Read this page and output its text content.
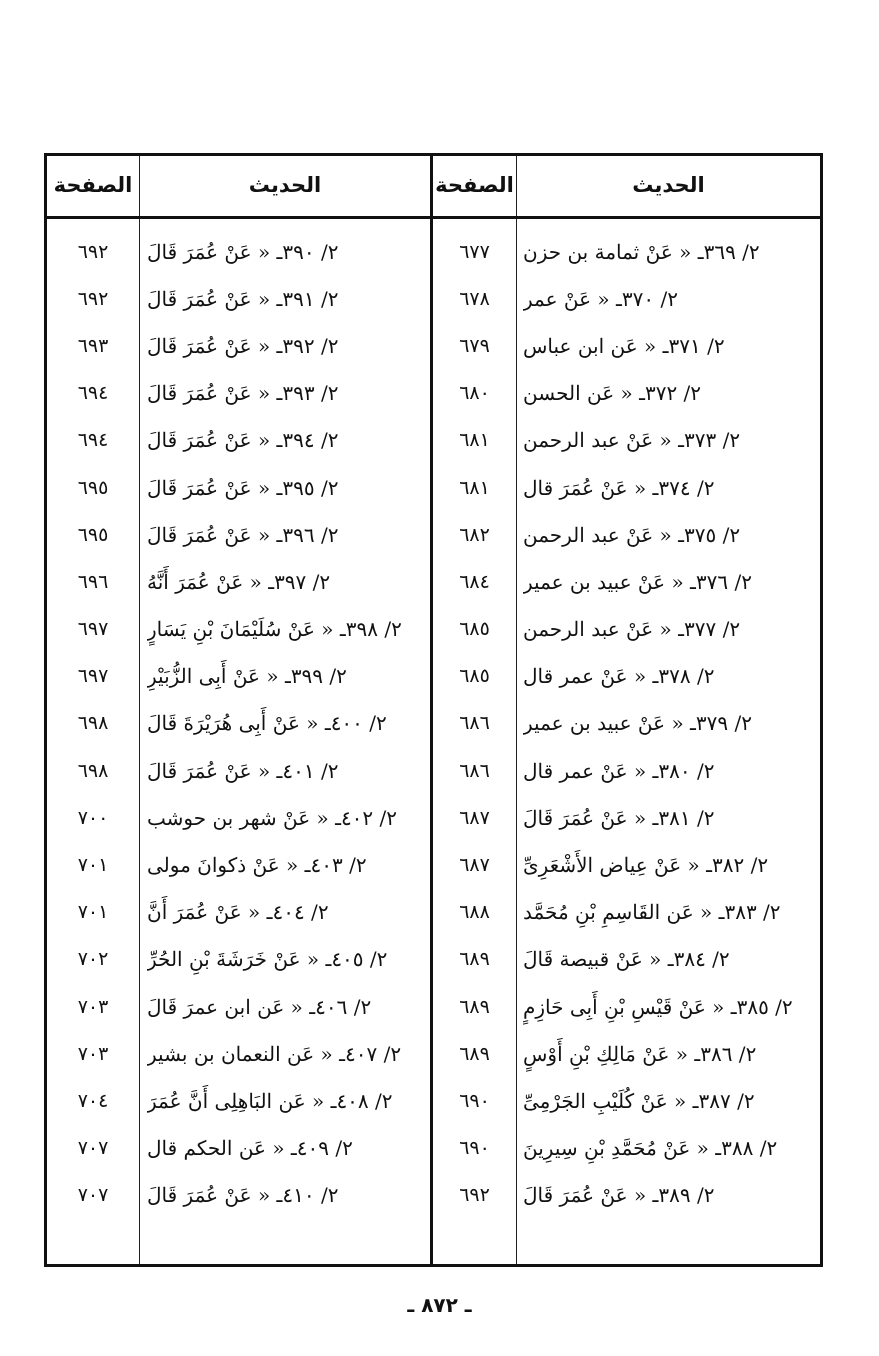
الصفحة	الحديث	الصفحة	الحديث
٦٩٢	٢/ ٣٩٠ـ « عَنْ عُمَرَ قَالَ	٦٧٧	٢/ ٣٦٩ـ « عَنْ ثمامة بن حزن
٦٩٢	٢/ ٣٩١ـ « عَنْ عُمَرَ قَالَ	٦٧٨	٢/ ٣٧٠ـ « عَنْ عمر
٦٩٣	٢/ ٣٩٢ـ « عَنْ عُمَرَ قَالَ	٦٧٩	٢/ ٣٧١ـ « عَن ابن عباس
٦٩٤	٢/ ٣٩٣ـ « عَنْ عُمَرَ قَالَ	٦٨٠	٢/ ٣٧٢ـ « عَن الحسن
٦٩٤	٢/ ٣٩٤ـ « عَنْ عُمَرَ قَالَ	٦٨١	٢/ ٣٧٣ـ « عَنْ عبد الرحمن
٦٩٥	٢/ ٣٩٥ـ « عَنْ عُمَرَ قَالَ	٦٨١	٢/ ٣٧٤ـ « عَنْ عُمَرَ قال
٦٩٥	٢/ ٣٩٦ـ « عَنْ عُمَرَ قَالَ	٦٨٢	٢/ ٣٧٥ـ « عَنْ عبد الرحمن
٦٩٦	٢/ ٣٩٧ـ « عَنْ عُمَرَ أَنَّهُ	٦٨٤	٢/ ٣٧٦ـ « عَنْ عبيد بن عمير
٦٩٧	٢/ ٣٩٨ـ « عَنْ سُلَيْمَانَ بْنِ يَسَارٍ	٦٨٥	٢/ ٣٧٧ـ « عَنْ عبد الرحمن
٦٩٧	٢/ ٣٩٩ـ « عَنْ أَبِى الزُّبَيْرِ	٦٨٥	٢/ ٣٧٨ـ « عَنْ عمر قال
٦٩٨	٢/ ٤٠٠ـ « عَنْ أَبِى هُرَيْرَةَ قَالَ	٦٨٦	٢/ ٣٧٩ـ « عَنْ عبيد بن عمير
٦٩٨	٢/ ٤٠١ـ « عَنْ عُمَرَ قَالَ	٦٨٦	٢/ ٣٨٠ـ « عَنْ عمر قال
٧٠٠	٢/ ٤٠٢ـ « عَنْ شهر بن حوشب	٦٨٧	٢/ ٣٨١ـ « عَنْ عُمَرَ قَالَ
٧٠١	٢/ ٤٠٣ـ « عَنْ ذكوانَ مولى	٦٨٧	٢/ ٣٨٢ـ « عَنْ عِياض الأَشْعَرِىِّ
٧٠١	٢/ ٤٠٤ـ « عَنْ عُمَرَ أَنَّ	٦٨٨	٢/ ٣٨٣ـ « عَن القَاسِمِ بْنِ مُحَمَّد
٧٠٢	٢/ ٤٠٥ـ « عَنْ خَرَشَةَ بْنِ الحُرِّ	٦٨٩	٢/ ٣٨٤ـ « عَنْ قبيصة قَالَ
٧٠٣	٢/ ٤٠٦ـ « عَن ابن عمرَ قَالَ	٦٨٩	٢/ ٣٨٥ـ « عَنْ قَيْسِ بْنِ أَبِى حَازِمٍ
٧٠٣	٢/ ٤٠٧ـ « عَن النعمان بن بشير	٦٨٩	٢/ ٣٨٦ـ « عَنْ مَالِكِ بْنِ أَوْسٍ
٧٠٤	٢/ ٤٠٨ـ « عَن البَاهِلِى أَنَّ عُمَرَ	٦٩٠	٢/ ٣٨٧ـ « عَنْ كُلَيْبِ الجَرْمِىِّ
٧٠٧	٢/ ٤٠٩ـ « عَن الحكم قال	٦٩٠	٢/ ٣٨٨ـ « عَنْ مُحَمَّدِ بْنِ سِيرِينَ
٧٠٧	٢/ ٤١٠ـ « عَنْ عُمَرَ قَالَ	٦٩٢	٢/ ٣٨٩ـ « عَنْ عُمَرَ قَالَ
ـ ٨٧٢ ـ
